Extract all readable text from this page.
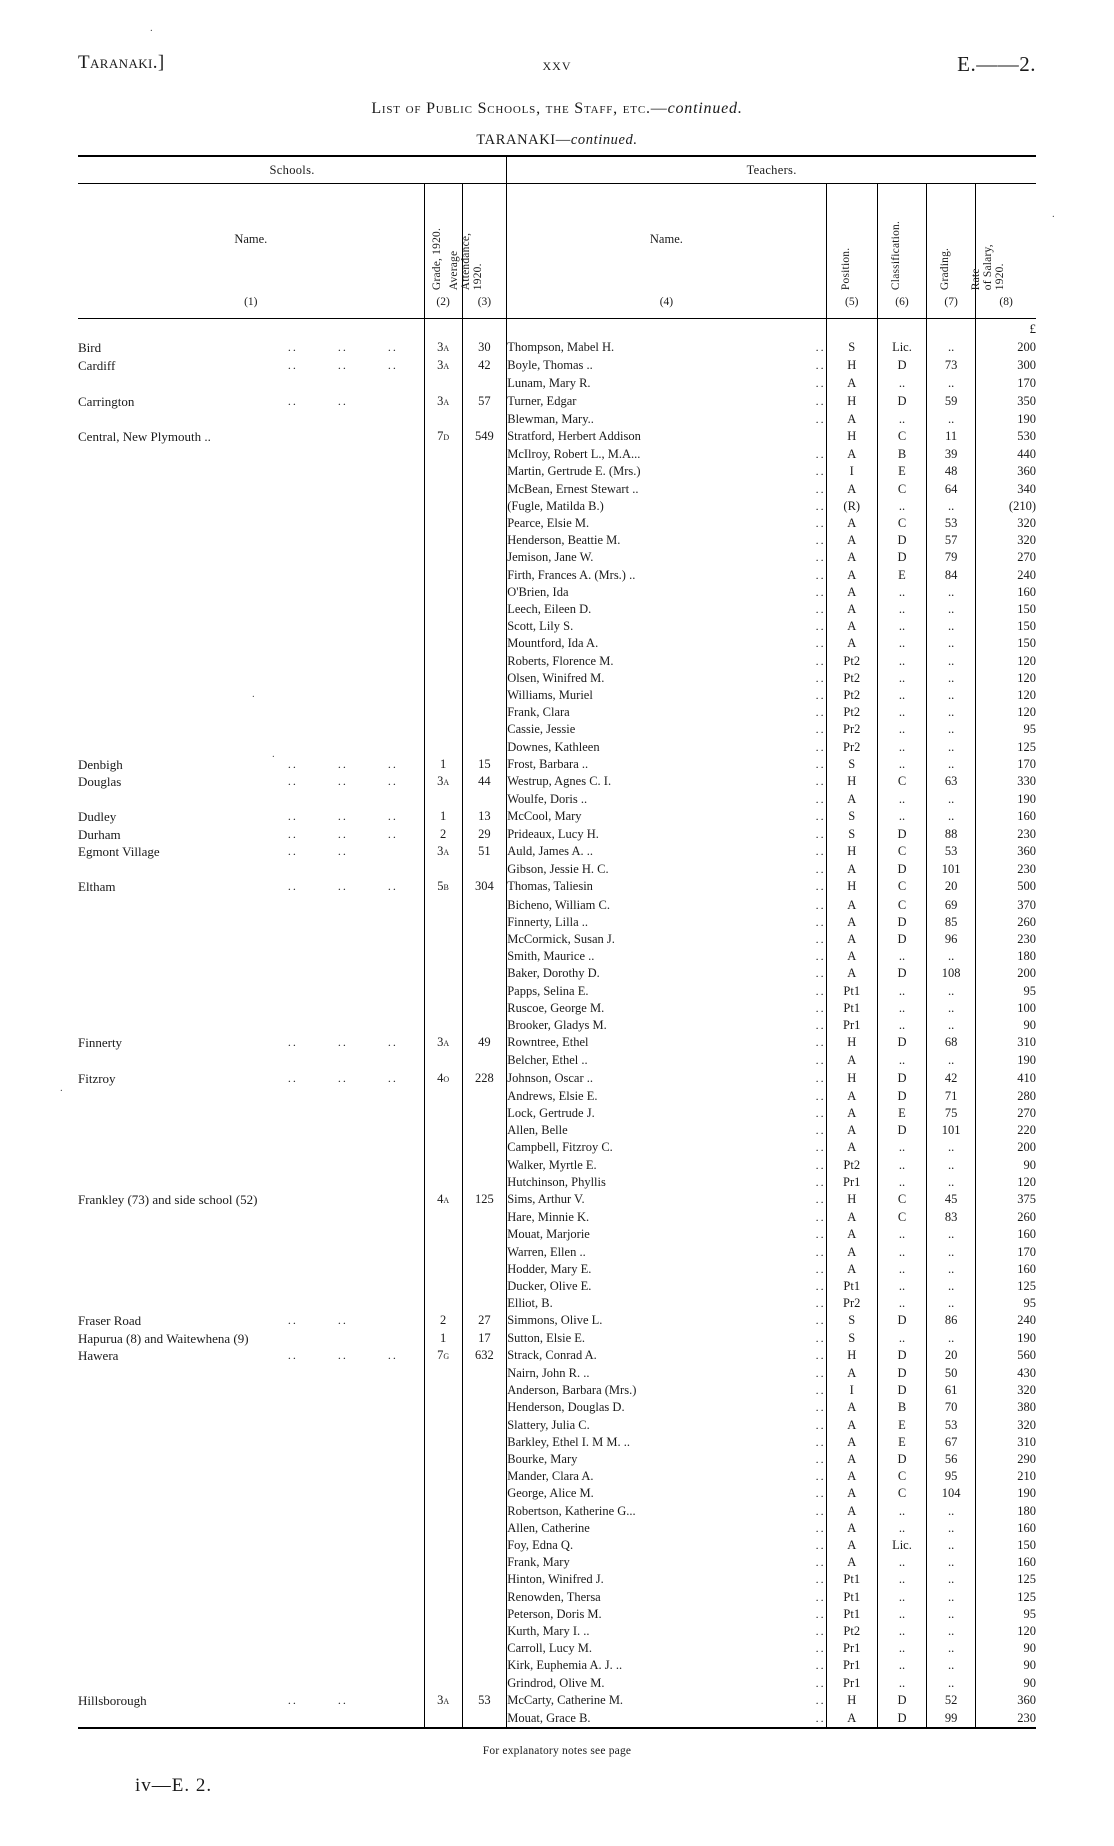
Taranaki.]	xxv	E.——2.
List of Public Schools, the Staff, etc.—continued.
TARANAKI—continued.
.
.
.
.
.
Schools.				Teachers.					

Name.		Grade, 1920.	Average
Attendance,
1920.	Name.		Position.	Classification.	Grading.	Rate
of Salary,
1920.

(1)		(2)	(3)	(4)		(5)	(6)	(7)	(8)
									£
Bird	..        ..        ..	3a	30	Thompson, Mabel H.	..	S	Lic.	..	200
Cardiff	..        ..        ..	3a	42	Boyle, Thomas ..	..	H	D	73	300
				Lunam, Mary R.	..	A	..	..	170
Carrington	..        ..	3a	57	Turner, Edgar	..	H	D	59	350
				Blewman, Mary..	..	A	..	..	190
Central, New Plymouth ..		7d	549	Stratford, Herbert Addison		H	C	11	530
				McIlroy, Robert L., M.A...	..	A	B	39	440
				Martin, Gertrude E. (Mrs.)	..	I	E	48	360
				McBean, Ernest Stewart ..	..	A	C	64	340
				(Fugle, Matilda B.)	..	(R)	..	..	(210)
				Pearce, Elsie M.	..	A	C	53	320
				Henderson, Beattie M.	..	A	D	57	320
				Jemison, Jane W.	..	A	D	79	270
				Firth, Frances A. (Mrs.) ..	..	A	E	84	240
				O'Brien, Ida	..	A	..	..	160
				Leech, Eileen D.	..	A	..	..	150
				Scott, Lily S.	..	A	..	..	150
				Mountford, Ida A.	..	A	..	..	150
				Roberts, Florence M.	..	Pt2	..	..	120
				Olsen, Winifred M.	..	Pt2	..	..	120
				Williams, Muriel	..	Pt2	..	..	120
				Frank, Clara	..	Pt2	..	..	120
				Cassie, Jessie	..	Pr2	..	..	95
				Downes, Kathleen	..	Pr2	..	..	125
Denbigh	..        ..        ..	1	15	Frost, Barbara ..	..	S	..	..	170
Douglas	..        ..        ..	3a	44	Westrup, Agnes C. I.	..	H	C	63	330
				Woulfe, Doris ..	..	A	..	..	190
Dudley	..        ..        ..	1	13	McCool, Mary	..	S	..	..	160
Durham	..        ..        ..	2	29	Prideaux, Lucy H.	..	S	D	88	230
Egmont Village	..        ..	3a	51	Auld, James A. ..	..	H	C	53	360
				Gibson, Jessie H. C.	..	A	D	101	230
Eltham	..        ..        ..	5b	304	Thomas, Taliesin	..	H	C	20	500
				Bicheno, William C.	..	A	C	69	370
				Finnerty, Lilla ..	..	A	D	85	260
				McCormick, Susan J.	..	A	D	96	230
				Smith, Maurice ..	..	A	..	..	180
				Baker, Dorothy D.	..	A	D	108	200
				Papps, Selina E.	..	Pt1	..	..	95
				Ruscoe, George M.	..	Pt1	..	..	100
				Brooker, Gladys M.	..	Pr1	..	..	90
Finnerty	..        ..        ..	3a	49	Rowntree, Ethel	..	H	D	68	310
				Belcher, Ethel ..	..	A	..	..	190
Fitzroy	..        ..        ..	4o	228	Johnson, Oscar ..	..	H	D	42	410
				Andrews, Elsie E.	..	A	D	71	280
				Lock, Gertrude J.	..	A	E	75	270
				Allen, Belle	..	A	D	101	220
				Campbell, Fitzroy C.	..	A	..	..	200
				Walker, Myrtle E.	..	Pt2	..	..	90
				Hutchinson, Phyllis	..	Pr1	..	..	120
Frankley (73) and side school (52)		4a	125	Sims, Arthur V.	..	H	C	45	375
				Hare, Minnie K.	..	A	C	83	260
				Mouat, Marjorie	..	A	..	..	160
				Warren, Ellen ..	..	A	..	..	170
				Hodder, Mary E.	..	A	..	..	160
				Ducker, Olive E.	..	Pt1	..	..	125
				Elliot, B.	..	Pr2	..	..	95
Fraser Road	..        ..	2	27	Simmons, Olive L.	..	S	D	86	240
Hapurua (8) and Waitewhena (9)		1	17	Sutton, Elsie E.	..	S	..	..	190
Hawera	..        ..        ..	7g	632	Strack, Conrad A.	..	H	D	20	560
				Nairn, John R. ..	..	A	D	50	430
				Anderson, Barbara (Mrs.)	..	I	D	61	320
				Henderson, Douglas D.	..	A	B	70	380
				Slattery, Julia C.	..	A	E	53	320
				Barkley, Ethel I. M M. ..	..	A	E	67	310
				Bourke, Mary	..	A	D	56	290
				Mander, Clara A.	..	A	C	95	210
				George, Alice M.	..	A	C	104	190
				Robertson, Katherine G...	..	A	..	..	180
				Allen, Catherine	..	A	..	..	160
				Foy, Edna Q.	..	A	Lic.	..	150
				Frank, Mary	..	A	..	..	160
				Hinton, Winifred J.	..	Pt1	..	..	125
				Renowden, Thersa	..	Pt1	..	..	125
				Peterson, Doris M.	..	Pt1	..	..	95
				Kurth, Mary I. ..	..	Pt2	..	..	120
				Carroll, Lucy M.	..	Pr1	..	..	90
				Kirk, Euphemia A. J. ..	..	Pr1	..	..	90
				Grindrod, Olive M.	..	Pr1	..	..	90
Hillsborough	..        ..	3a	53	McCarty, Catherine M.	..	H	D	52	360
				Mouat, Grace B.	..	A	D	99	230

For explanatory notes see page
iv—E. 2.
